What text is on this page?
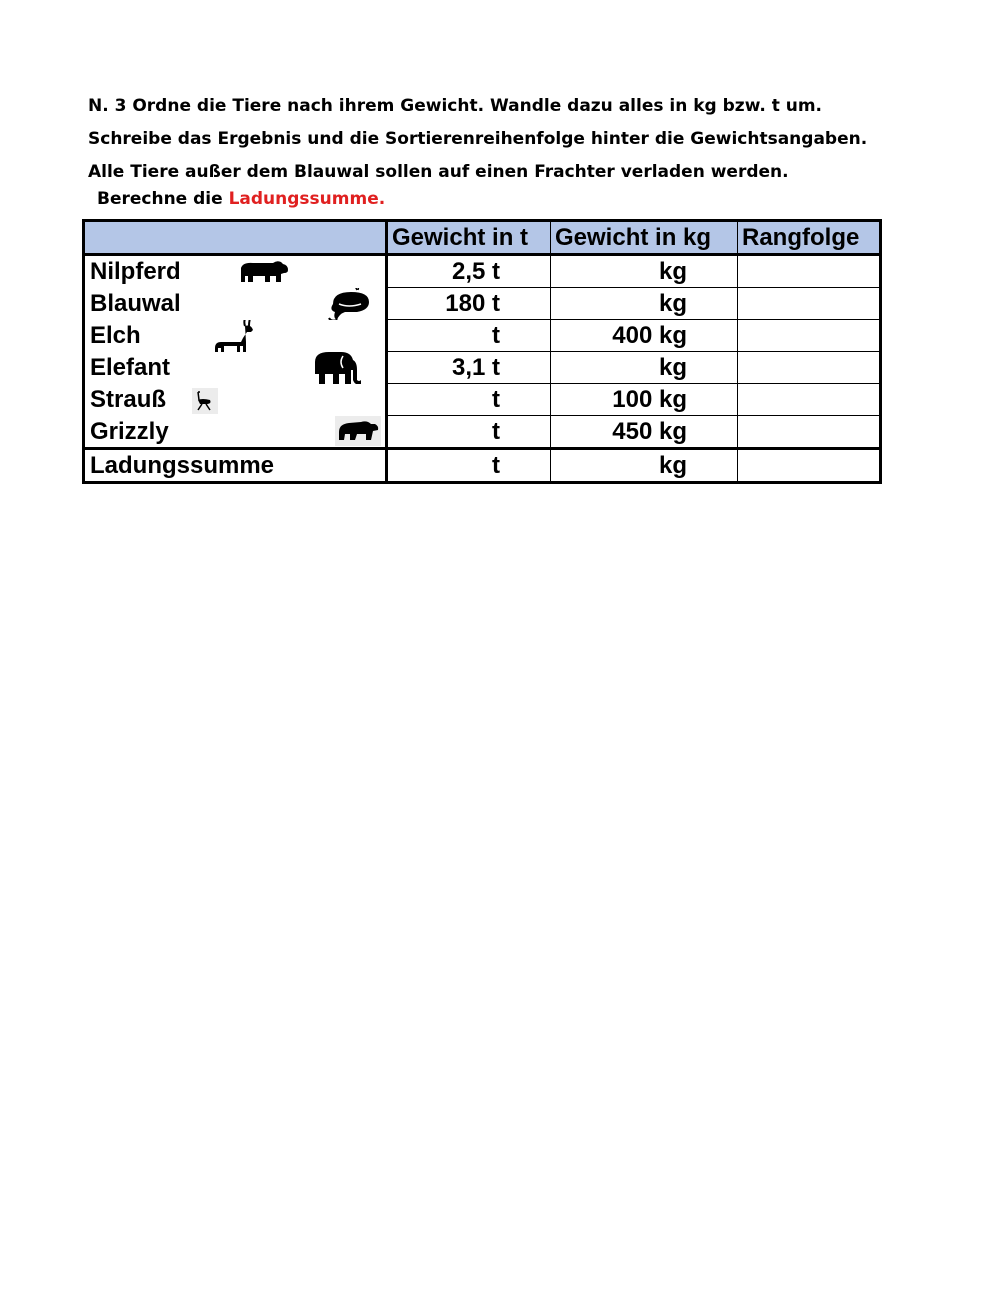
N. 3 Ordne die Tiere nach ihrem Gewicht. Wandle dazu alles in kg bzw. t um.
Schreibe das Ergebnis und die Sortierenreihenfolge hinter die Gewichtsangaben.
Alle Tiere außer dem Blauwal sollen auf einen Frachter verladen werden.
Berechne die Ladungssumme.
	Gewicht in t	Gewicht in kg	Rangfolge
Nilpferd	2,5 t	kg	
Blauwal	180 t	kg	
Elch	t	400 kg	
Elefant	3,1 t	kg	
Strauß	t	100 kg	
Grizzly	t	450 kg	
Ladungssumme	t	kg	
